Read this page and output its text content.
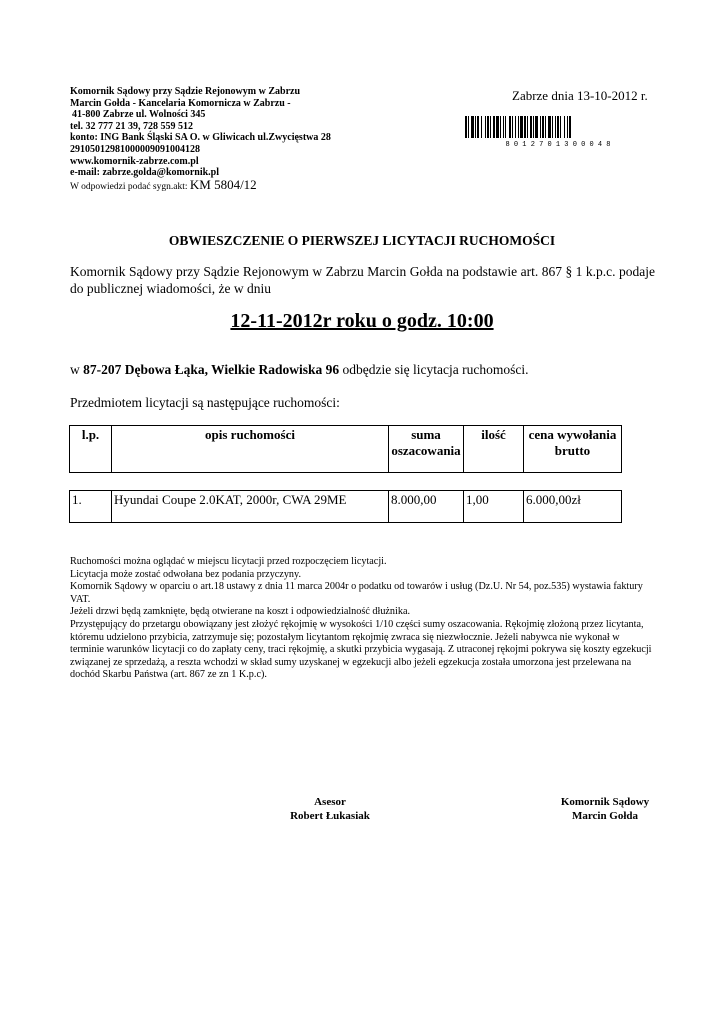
Komornik Sądowy przy Sądzie Rejonowym w Zabrzu
Marcin Gołda - Kancelaria Komornicza w Zabrzu -
41-800 Zabrze ul. Wolności 345
tel. 32 777 21 39, 728 559 512
konto: ING Bank Śląski SA O. w Gliwicach ul.Zwycięstwa 28
29105012981000009091004128
www.komornik-zabrze.com.pl
e-mail: zabrze.golda@komornik.pl
W odpowiedzi podać sygn.akt: KM 5804/12
Zabrze dnia 13-10-2012 r.
8 0 1 2 7 0 1 3 0 0 0 4 8
OBWIESZCZENIE O PIERWSZEJ LICYTACJI RUCHOMOŚCI
Komornik Sądowy przy Sądzie Rejonowym w Zabrzu Marcin Gołda na podstawie art. 867 § 1 k.p.c. podaje do publicznej wiadomości, że w dniu
12-11-2012r roku o godz. 10:00
w 87-207 Dębowa Łąka, Wielkie Radowiska 96 odbędzie się licytacja ruchomości.
Przedmiotem licytacji są następujące ruchomości:
l.p.	opis ruchomości	suma oszacowania	ilość	cena wywołania brutto
1.	Hyundai Coupe 2.0KAT, 2000r, CWA 29ME	8.000,00	1,00	6.000,00zł

Ruchomości można oglądać w miejscu licytacji przed rozpoczęciem licytacji.

Licytacja może zostać odwołana bez podania przyczyny.

Komornik Sądowy w oparciu o art.18 ustawy z dnia 11 marca 2004r o podatku od towarów i usług (Dz.U. Nr 54, poz.535) wystawia faktury VAT.

Jeżeli drzwi będą zamknięte, będą otwierane na koszt i odpowiedzialność dłużnika.

Przystępujący do przetargu obowiązany jest złożyć rękojmię w wysokości 1/10 części sumy oszacowania. Rękojmię złożoną przez licytanta, któremu udzielono przybicia, zatrzymuje się; pozostałym licytantom rękojmię zwraca się niezwłocznie. Jeżeli nabywca nie wykonał w terminie warunków licytacji co do zapłaty ceny, traci rękojmię, a skutki przybicia wygasają. Z utraconej rękojmi pokrywa się koszty egzekucji związanej ze sprzedażą, a reszta wchodzi w skład sumy uzyskanej w egzekucji albo jeżeli egzekucja została umorzona jest przelewana na dochód Skarbu Państwa (art. 867 ze zn 1 K.p.c).

Asesor
Robert Łukasiak
Komornik Sądowy
Marcin Gołda
